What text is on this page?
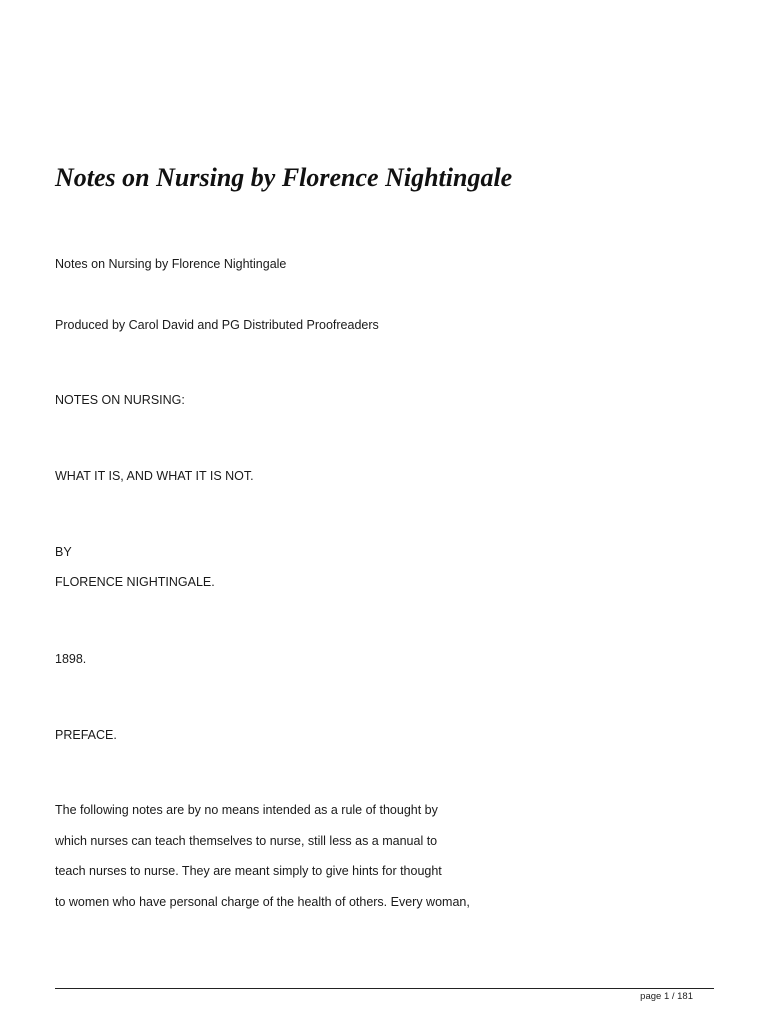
Notes on Nursing by Florence Nightingale

Notes on Nursing by Florence Nightingale

Produced by Carol David and PG Distributed Proofreaders

NOTES ON NURSING:

WHAT IT IS, AND WHAT IT IS NOT.

BY

FLORENCE NIGHTINGALE.

1898.

PREFACE.

The following notes are by no means intended as a rule of thought by

which nurses can teach themselves to nurse, still less as a manual to

teach nurses to nurse. They are meant simply to give hints for thought

to women who have personal charge of the health of others. Every woman,

page 1 / 181
